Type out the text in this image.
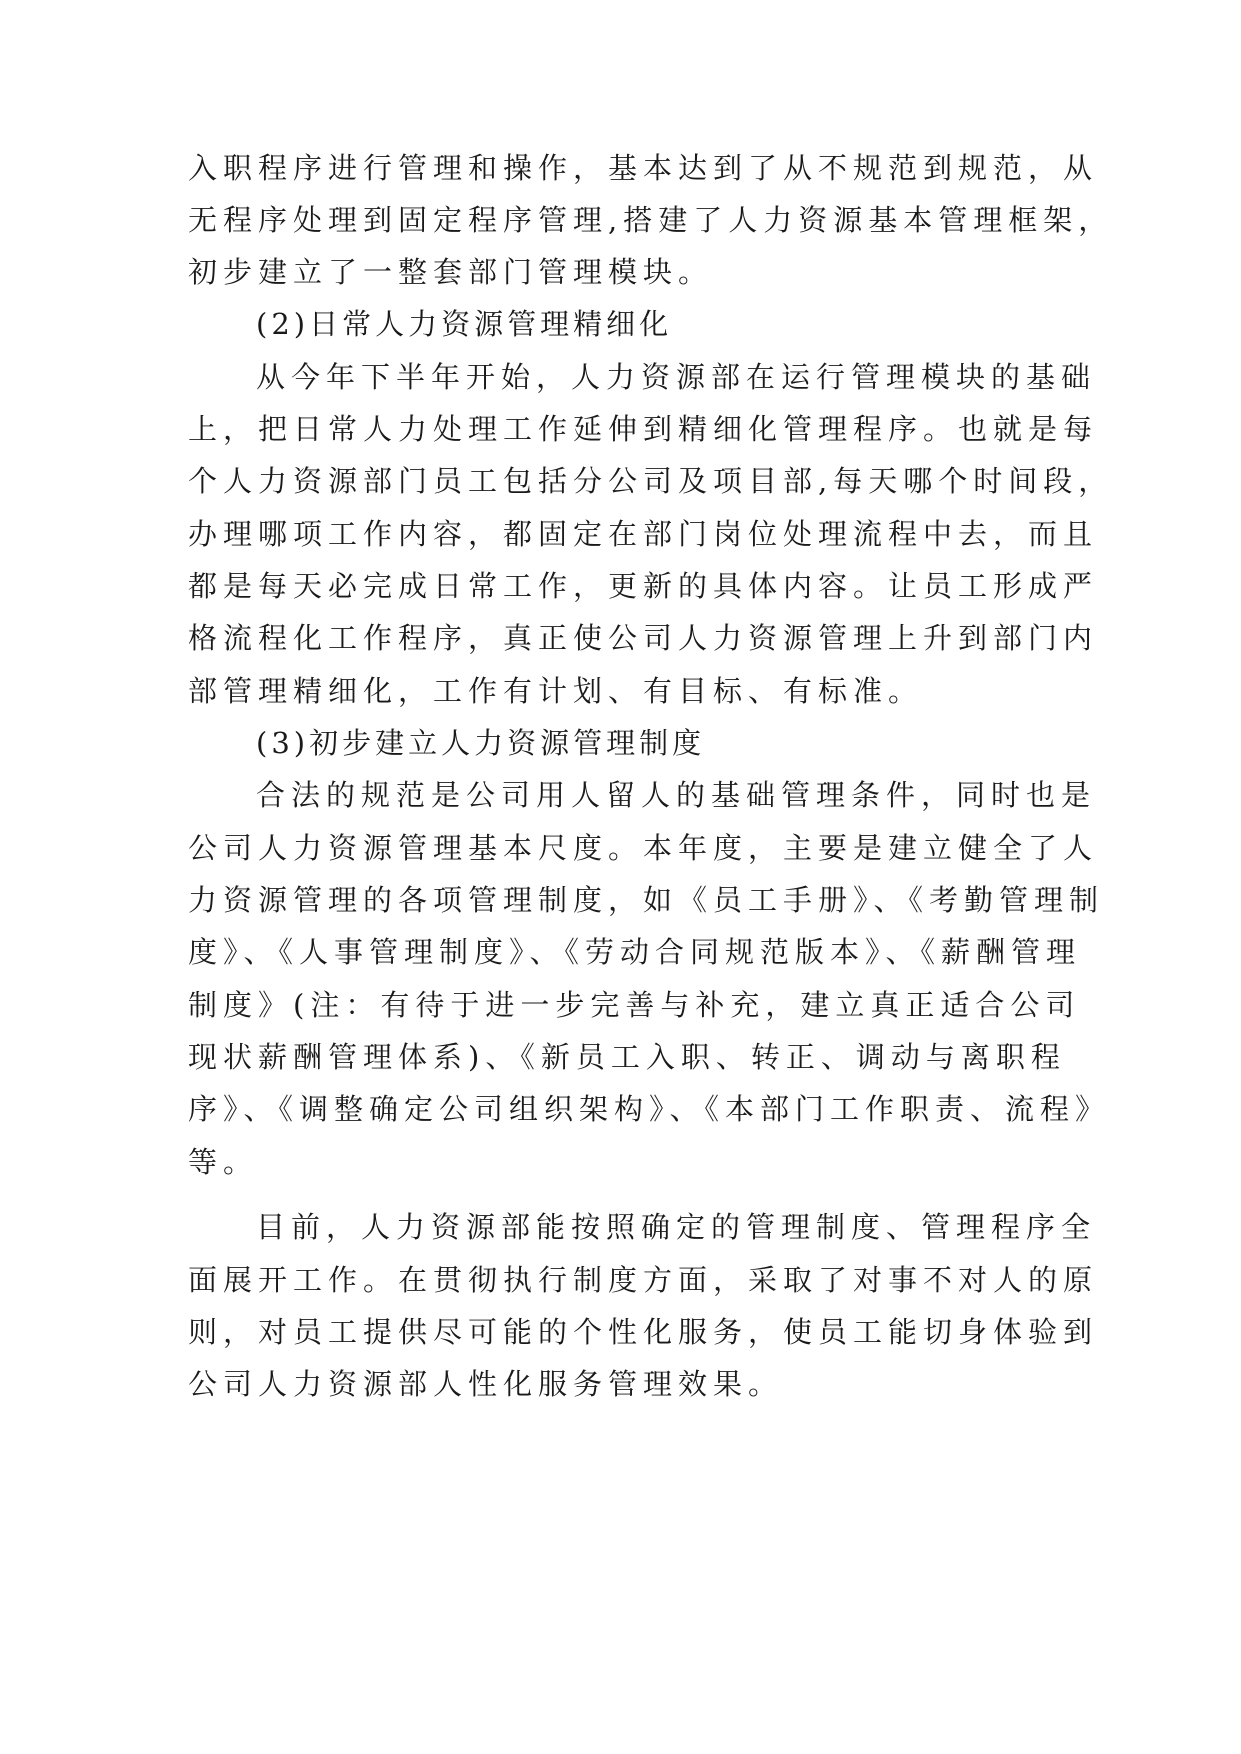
入职程序进行管理和操作，基本达到了从不规范到规范，从
无程序处理到固定程序管理,搭建了人力资源基本管理框架，
初步建立了一整套部门管理模块。
(2)日常人力资源管理精细化
从今年下半年开始，人力资源部在运行管理模块的基础
上，把日常人力处理工作延伸到精细化管理程序。也就是每
个人力资源部门员工包括分公司及项目部,每天哪个时间段，
办理哪项工作内容，都固定在部门岗位处理流程中去，而且
都是每天必完成日常工作，更新的具体内容。让员工形成严
格流程化工作程序，真正使公司人力资源管理上升到部门内
部管理精细化，工作有计划、有目标、有标准。
(3)初步建立人力资源管理制度
合法的规范是公司用人留人的基础管理条件，同时也是
公司人力资源管理基本尺度。本年度，主要是建立健全了人
力资源管理的各项管理制度，如《员工手册》、《考勤管理制
度》、《人事管理制度》、《劳动合同规范版本》、《薪酬管理
制度》(注：有待于进一步完善与补充，建立真正适合公司
现状薪酬管理体系)、《新员工入职、转正、调动与离职程
序》、《调整确定公司组织架构》、《本部门工作职责、流程》
等。
目前，人力资源部能按照确定的管理制度、管理程序全
面展开工作。在贯彻执行制度方面，采取了对事不对人的原
则，对员工提供尽可能的个性化服务，使员工能切身体验到
公司人力资源部人性化服务管理效果。
